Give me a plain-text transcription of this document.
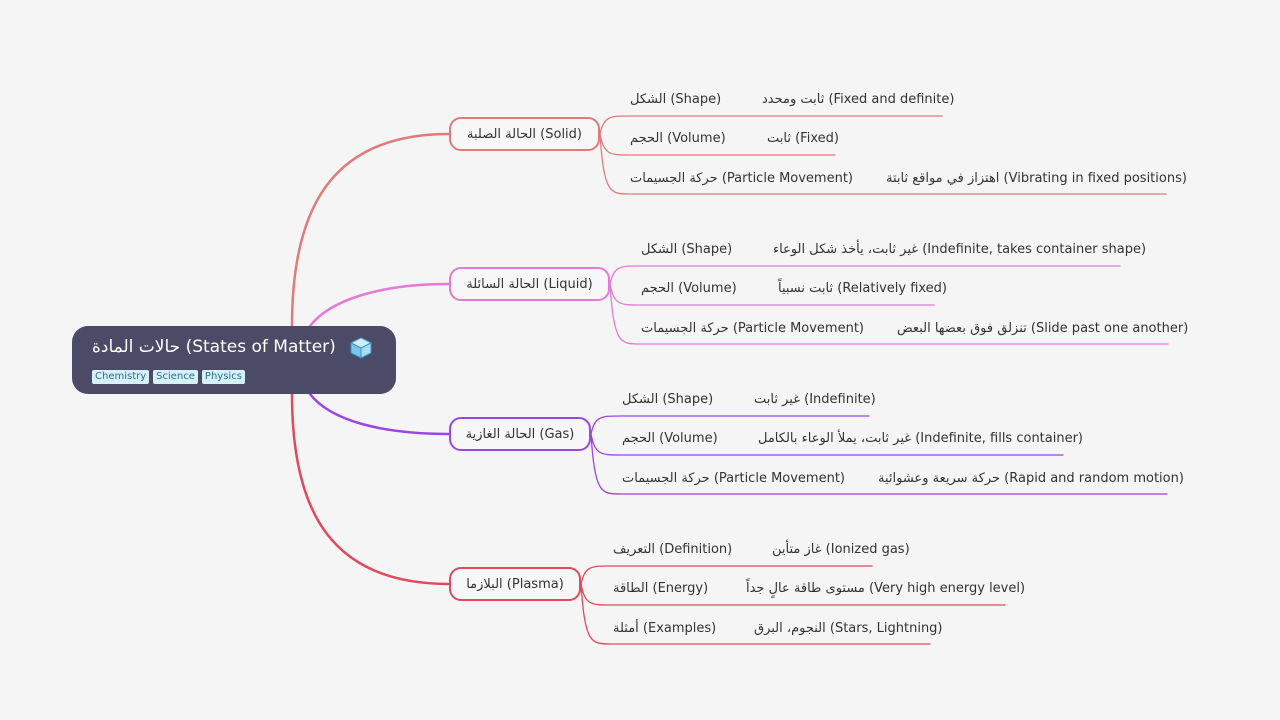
حالات المادة (States of Matter)
Chemistry	Science	Physics
الحالة الصلبة (Solid)
الحالة السائلة (Liquid)
الحالة الغازية (Gas)
البلازما (Plasma)
الشكل (Shape)	ثابت ومحدد (Fixed and definite)
الحجم (Volume)	ثابت (Fixed)
حركة الجسيمات (Particle Movement)	اهتزاز في مواقع ثابتة (Vibrating in fixed positions)
الشكل (Shape)	غير ثابت، يأخذ شكل الوعاء (Indefinite, takes container shape)
الحجم (Volume)	ثابت نسبياً (Relatively fixed)
حركة الجسيمات (Particle Movement)	تنزلق فوق بعضها البعض (Slide past one another)
الشكل (Shape)	غير ثابت (Indefinite)
الحجم (Volume)	غير ثابت، يملأ الوعاء بالكامل (Indefinite, fills container)
حركة الجسيمات (Particle Movement)	حركة سريعة وعشوائية (Rapid and random motion)
التعريف (Definition)	غاز متأين (Ionized gas)
الطاقة (Energy)	مستوى طاقة عالٍ جداً (Very high energy level)
أمثلة (Examples)	النجوم، البرق (Stars, Lightning)
